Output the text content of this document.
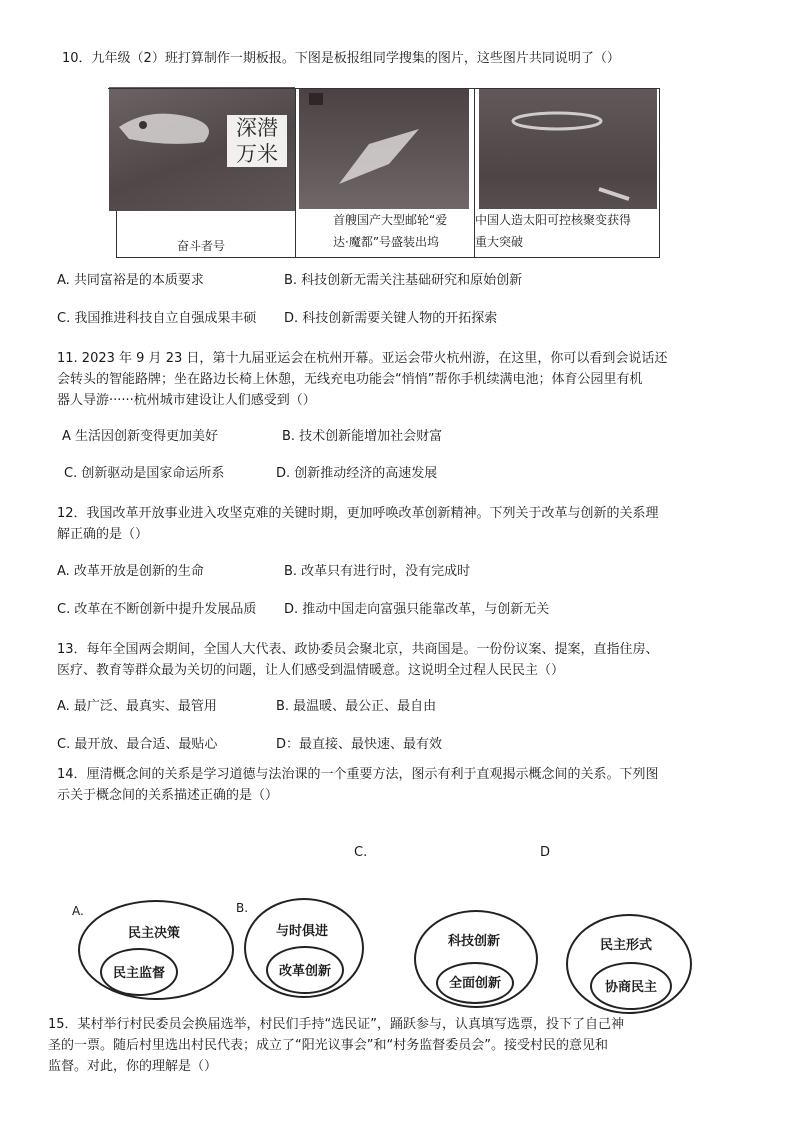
10．九年级（2）班打算制作一期板报。下图是板报组同学搜集的图片，这些图片共同说明了（）
深潜
万米
奋斗者号
首艘国产大型邮轮“爱
达·魔都”号盛装出坞
中国人造太阳可控核聚变获得
重大突破
A. 共同富裕是的本质要求	B. 科技创新无需关注基础研究和原始创新
C. 我国推进科技自立自强成果丰硕 D. 科技创新需要关键人物的开拓探索
11. 2023 年 9 月 23 日，第十九届亚运会在杭州开幕。亚运会带火杭州游，在这里，你可以看到会说话还
会转头的智能路牌；坐在路边长椅上休憩，无线充电功能会“悄悄”帮你手机续满电池；体育公园里有机
器人导游······杭州城市建设让人们感受到（）
A 生活因创新变得更加美好	B. 技术创新能增加社会财富
C. 创新驱动是国家命运所系	D. 创新推动经济的高速发展
12．我国改革开放事业进入攻坚克难的关键时期，更加呼唤改革创新精神。下列关于改革与创新的关系理
解正确的是（）
A. 改革开放是创新的生命	B. 改革只有进行时，没有完成时
C. 改革在不断创新中提升发展品质 D. 推动中国走向富强只能靠改革，与创新无关
13．每年全国两会期间，全国人大代表、政协委员会聚北京，共商国是。一份份议案、提案，直指住房、
医疗、教育等群众最为关切的问题，让人们感受到温情暖意。这说明全过程人民民主（）
A. 最广泛、最真实、最管用	B. 最温暖、最公正、最自由
C. 最开放、最合适、最贴心	D：最直接、最快速、最有效
14．厘清概念间的关系是学习道德与法治课的一个重要方法，图示有利于直观揭示概念间的关系。下列图
示关于概念间的关系描述正确的是（）
C.	D
A.
民主决策
民主监督
B.
与时俱进
改革创新
科技创新
全面创新
民主形式
协商民主
15．某村举行村民委员会换届选举，村民们手持“选民证”，踊跃参与，认真填写选票，投下了自己神
圣的一票。随后村里选出村民代表；成立了“阳光议事会”和“村务监督委员会”。接受村民的意见和
监督。对此，你的理解是（）
